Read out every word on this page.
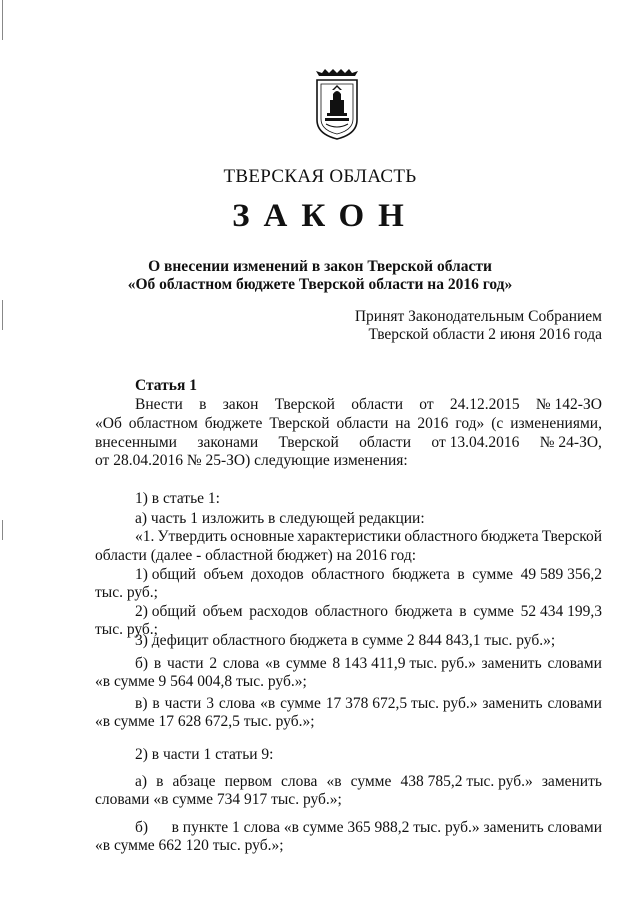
ТВЕРСКАЯ ОБЛАСТЬ
ЗАКОН
О внесении изменений в закон Тверской области
«Об областном бюджете Тверской области на 2016 год»
Принят Законодательным Собранием
Тверской области 2 июня 2016 года
Статья 1
Внести в закон Тверской области от 24.12.2015 № 142-ЗО
«Об областном бюджете Тверской области на 2016 год» (с изменениями,
внесенными законами Тверской области от 13.04.2016 № 24-ЗО,
от 28.04.2016 № 25-ЗО) следующие изменения:
1) в статье 1:
а) часть 1 изложить в следующей редакции:
«1. Утвердить основные характеристики областного бюджета Тверской
области (далее - областной бюджет) на 2016 год:
1) общий объем доходов областного бюджета в сумме 49 589 356,2
тыс. руб.;
2) общий объем расходов областного бюджета в сумме 52 434 199,3
тыс. руб.;
3) дефицит областного бюджета в сумме 2 844 843,1 тыс. руб.»;
б) в части 2 слова «в сумме 8 143 411,9 тыс. руб.» заменить словами
«в сумме 9 564 004,8 тыс. руб.»;
в) в части 3 слова «в сумме 17 378 672,5 тыс. руб.» заменить словами
«в сумме 17 628 672,5 тыс. руб.»;
2) в части 1 статьи 9:
а) в абзаце первом слова «в сумме 438 785,2 тыс. руб.» заменить
словами «в сумме 734 917 тыс. руб.»;
б) в пункте 1 слова «в сумме 365 988,2 тыс. руб.» заменить словами
«в сумме 662 120 тыс. руб.»;
